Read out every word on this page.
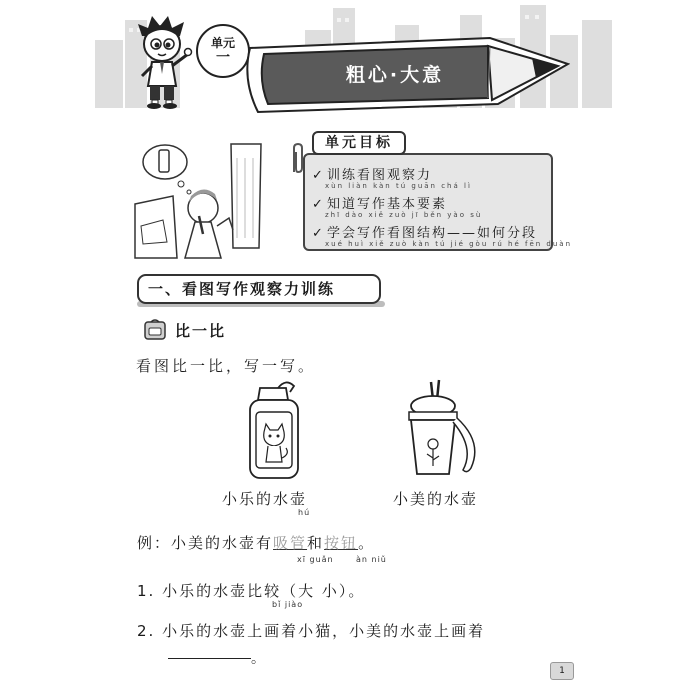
单元
一
粗心·大意
单元目标
✓ 训练看图观察力
xùn liàn kàn tú guān chá lì
✓ 知道写作基本要素
zhī dào xiě zuò jī běn yào sù
✓ 学会写作看图结构——如何分段
xué huì xiě zuò kàn tú jié gòu rú hé fēn duàn
一、看图写作观察力训练
比一比
看图比一比，写一写。
小乐的水壶
hú
小美的水壶
例：小美的水壶有吸管和按钮。
xī guǎn	àn niǔ
1. 小乐的水壶比较（大 小）。
bǐ jiào
2. 小乐的水壶上画着小猫，小美的水壶上画着
。
1
